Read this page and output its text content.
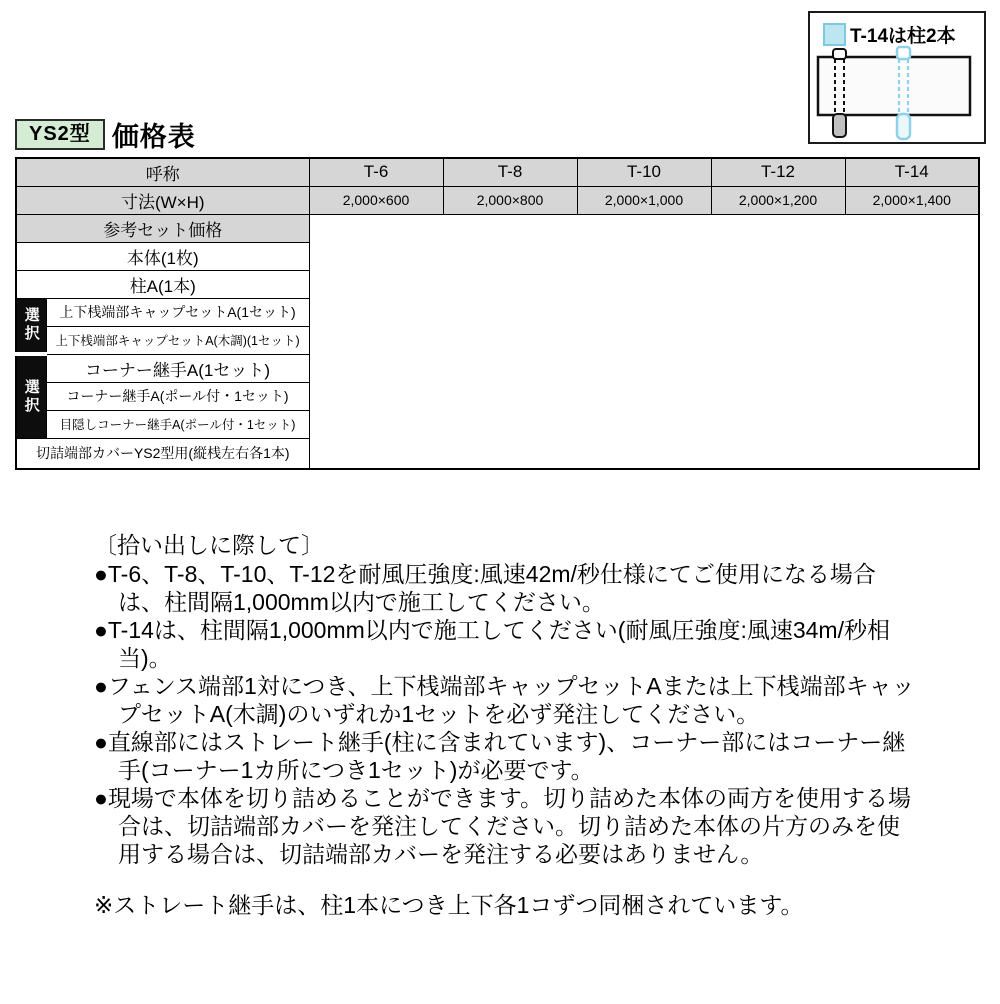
T-14は柱2本
YS2型 価格表
呼称		T-6	T-8	T-10	T-12	T-14
寸法(W×H)		2,000×600	2,000×800	2,000×1,000	2,000×1,200	2,000×1,400
参考セット価格						
本体(1枚)						
柱A(1本)						
選択	上下桟端部キャップセットA(1セット)					
	上下桟端部キャップセットA(木調)(1セット)					
選択	コーナー継手A(1セット)					
	コーナー継手A(ポール付・1セット)					
	目隠しコーナー継手A(ポール付・1セット)					
切詰端部カバーYS2型用(縦桟左右各1本)						

〔拾い出しに際して〕

●T-6、T-8、T-10、T-12を耐風圧強度:風速42m/秒仕様にてご使用になる場合は、柱間隔1,000mm以内で施工してください。

●T-14は、柱間隔1,000mm以内で施工してください(耐風圧強度:風速34m/秒相当)。

●フェンス端部1対につき、上下桟端部キャップセットAまたは上下桟端部キャップセットA(木調)のいずれか1セットを必ず発注してください。

●直線部にはストレート継手(柱に含まれています)、コーナー部にはコーナー継手(コーナー1カ所につき1セット)が必要です。

●現場で本体を切り詰めることができます。切り詰めた本体の両方を使用する場合は、切詰端部カバーを発注してください。切り詰めた本体の片方のみを使用する場合は、切詰端部カバーを発注する必要はありません。

※ストレート継手は、柱1本につき上下各1コずつ同梱されています。
